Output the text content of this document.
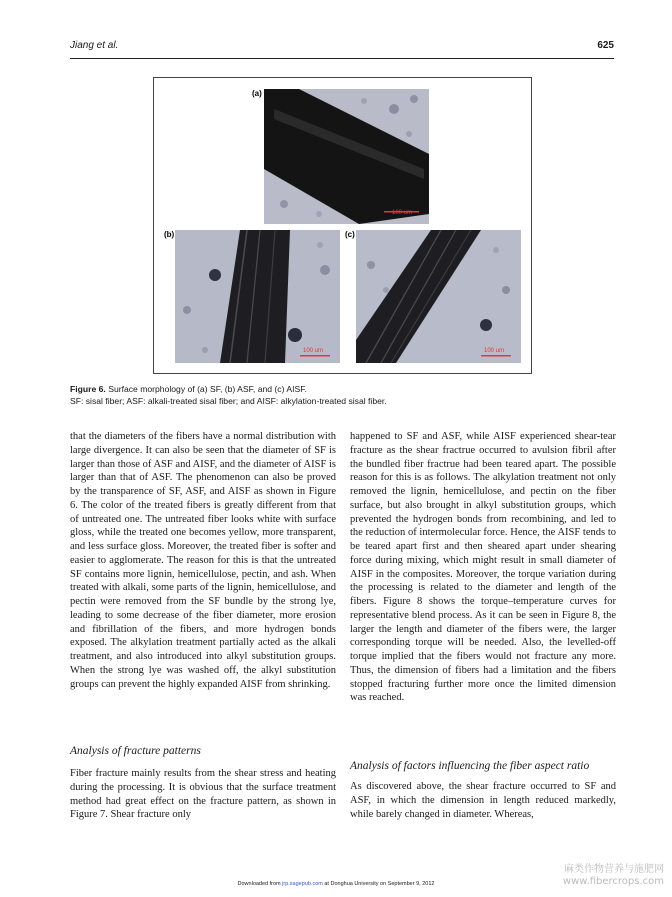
Jiang et al.	625
100 um
(a)
100 um
(b)
100 um
(c)
Figure 6. Surface morphology of (a) SF, (b) ASF, and (c) AISF.
SF: sisal fiber; ASF: alkali-treated sisal fiber; and AISF: alkylation-treated sisal fiber.

that the diameters of the fibers have a normal distribution with large divergence. It can also be seen that the diameter of SF is larger than those of ASF and AISF, and the diameter of AISF is larger than that of ASF. The phenomenon can also be proved by the transparence of SF, ASF, and AISF as shown in Figure 6. The color of the treated fibers is greatly different from that of untreated one. The untreated fiber looks white with surface gloss, while the treated one becomes yellow, more transparent, and less surface gloss. Moreover, the treated fiber is softer and easier to agglomerate. The reason for this is that the untreated SF contains more lignin, hemicellulose, pectin, and ash. When treated with alkali, some parts of the lignin, hemicellulose, and pectin were removed from the SF bundle by the strong lye, leading to some decrease of the fiber diameter, more erosion and fibrillation of the fibers, and more hydrogen bonds exposed. The alkylation treatment partially acted as the alkali treatment, and also introduced into alkyl substitution groups. When the strong lye was washed off, the alkyl substitution groups can prevent the highly expanded AISF from shrinking.

Analysis of fracture patterns

Fiber fracture mainly results from the shear stress and heating during the processing. It is obvious that the surface treatment method had great effect on the fracture pattern, as shown in Figure 7. Shear fracture only

happened to SF and ASF, while AISF experienced shear-tear fracture as the shear fractrue occurred to avulsion fibril after the bundled fiber fractrue had been teared apart. The possible reason for this is as follows. The alkylation treatment not only removed the lignin, hemicellulose, and pectin on the fiber surface, but also brought in alkyl substitution groups, which prevented the hydrogen bonds from recombining, and led to the reduction of intermolecular force. Hence, the AISF tends to be teared apart first and then sheared apart under shearing force during mixing, which might result in small diameter of AISF in the composites. Moreover, the torque variation during the processing is related to the diameter and length of the fibers. Figure 8 shows the torque–temperature curves for representative blend process. As it can be seen in Figure 8, the larger the length and diameter of the fibers were, the larger corresponding torque will be needed. Also, the levelled-off torque implied that the fibers would not fracture any more. Thus, the dimension of fibers had a limitation and the fibers stopped fracturing further more once the limited dimension was reached.

Analysis of factors influencing the fiber aspect ratio

As discovered above, the shear fracture occurred to SF and ASF, in which the dimension in length reduced markedly, while barely changed in diameter. Whereas,

Downloaded from jrp.sagepub.com at Donghua University on September 9, 2012
麻类作物营养与施肥网
www.fibercrops.com
